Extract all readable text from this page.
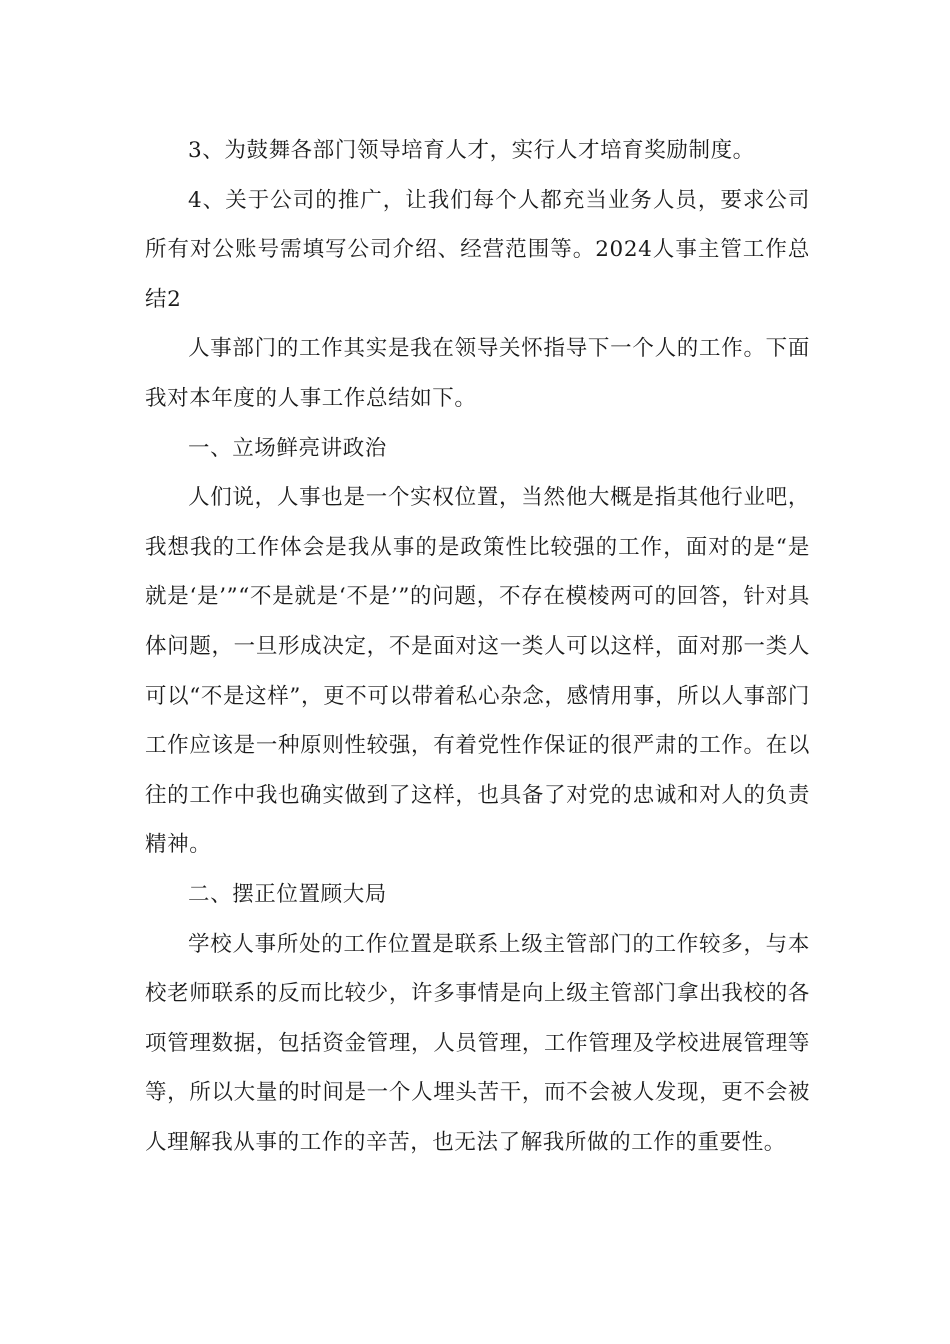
3、为鼓舞各部门领导培育人才，实行人才培育奖励制度。

4、关于公司的推广，让我们每个人都充当业务人员，要求公司所有对公账号需填写公司介绍、经营范围等。2024人事主管工作总结2

人事部门的工作其实是我在领导关怀指导下一个人的工作。下面我对本年度的人事工作总结如下。

一、立场鲜亮讲政治

人们说，人事也是一个实权位置，当然他大概是指其他行业吧，我想我的工作体会是我从事的是政策性比较强的工作，面对的是“是就是‘是’”“不是就是‘不是’”的问题，不存在模棱两可的回答，针对具体问题，一旦形成决定，不是面对这一类人可以这样，面对那一类人可以“不是这样”，更不可以带着私心杂念，感情用事，所以人事部门工作应该是一种原则性较强，有着党性作保证的很严肃的工作。在以往的工作中我也确实做到了这样，也具备了对党的忠诚和对人的负责精神。

二、摆正位置顾大局

学校人事所处的工作位置是联系上级主管部门的工作较多，与本校老师联系的反而比较少，许多事情是向上级主管部门拿出我校的各项管理数据，包括资金管理，人员管理，工作管理及学校进展管理等等，所以大量的时间是一个人埋头苦干，而不会被人发现，更不会被人理解我从事的工作的辛苦，也无法了解我所做的工作的重要性。
